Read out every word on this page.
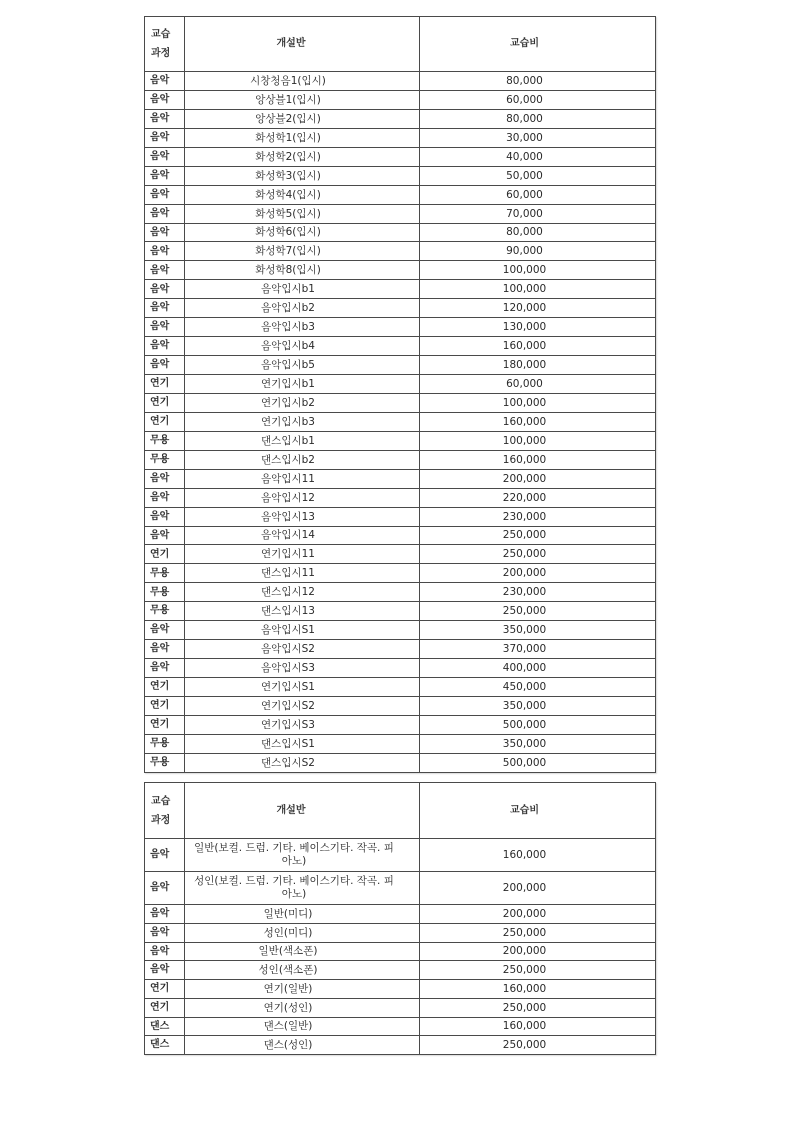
교습
과정	개설반	교습비
음악	시창청음1(입시)	80,000
음악	앙상블1(입시)	60,000
음악	앙상블2(입시)	80,000
음악	화성학1(입시)	30,000
음악	화성학2(입시)	40,000
음악	화성학3(입시)	50,000
음악	화성학4(입시)	60,000
음악	화성학5(입시)	70,000
음악	화성학6(입시)	80,000
음악	화성학7(입시)	90,000
음악	화성학8(입시)	100,000
음악	음악입시b1	100,000
음악	음악입시b2	120,000
음악	음악입시b3	130,000
음악	음악입시b4	160,000
음악	음악입시b5	180,000
연기	연기입시b1	60,000
연기	연기입시b2	100,000
연기	연기입시b3	160,000
무용	댄스입시b1	100,000
무용	댄스입시b2	160,000
음악	음악입시11	200,000
음악	음악입시12	220,000
음악	음악입시13	230,000
음악	음악입시14	250,000
연기	연기입시11	250,000
무용	댄스입시11	200,000
무용	댄스입시12	230,000
무용	댄스입시13	250,000
음악	음악입시S1	350,000
음악	음악입시S2	370,000
음악	음악입시S3	400,000
연기	연기입시S1	450,000
연기	연기입시S2	350,000
연기	연기입시S3	500,000
무용	댄스입시S1	350,000
무용	댄스입시S2	500,000
교습
과정	개설반	교습비
음악	일반(보컬. 드럼. 기타. 베이스기타. 작곡. 피아노)	160,000
음악	성인(보컬. 드럼. 기타. 베이스기타. 작곡. 피아노)	200,000
음악	일반(미디)	200,000
음악	성인(미디)	250,000
음악	일반(색소폰)	200,000
음악	성인(색소폰)	250,000
연기	연기(일반)	160,000
연기	연기(성인)	250,000
댄스	댄스(일반)	160,000
댄스	댄스(성인)	250,000
